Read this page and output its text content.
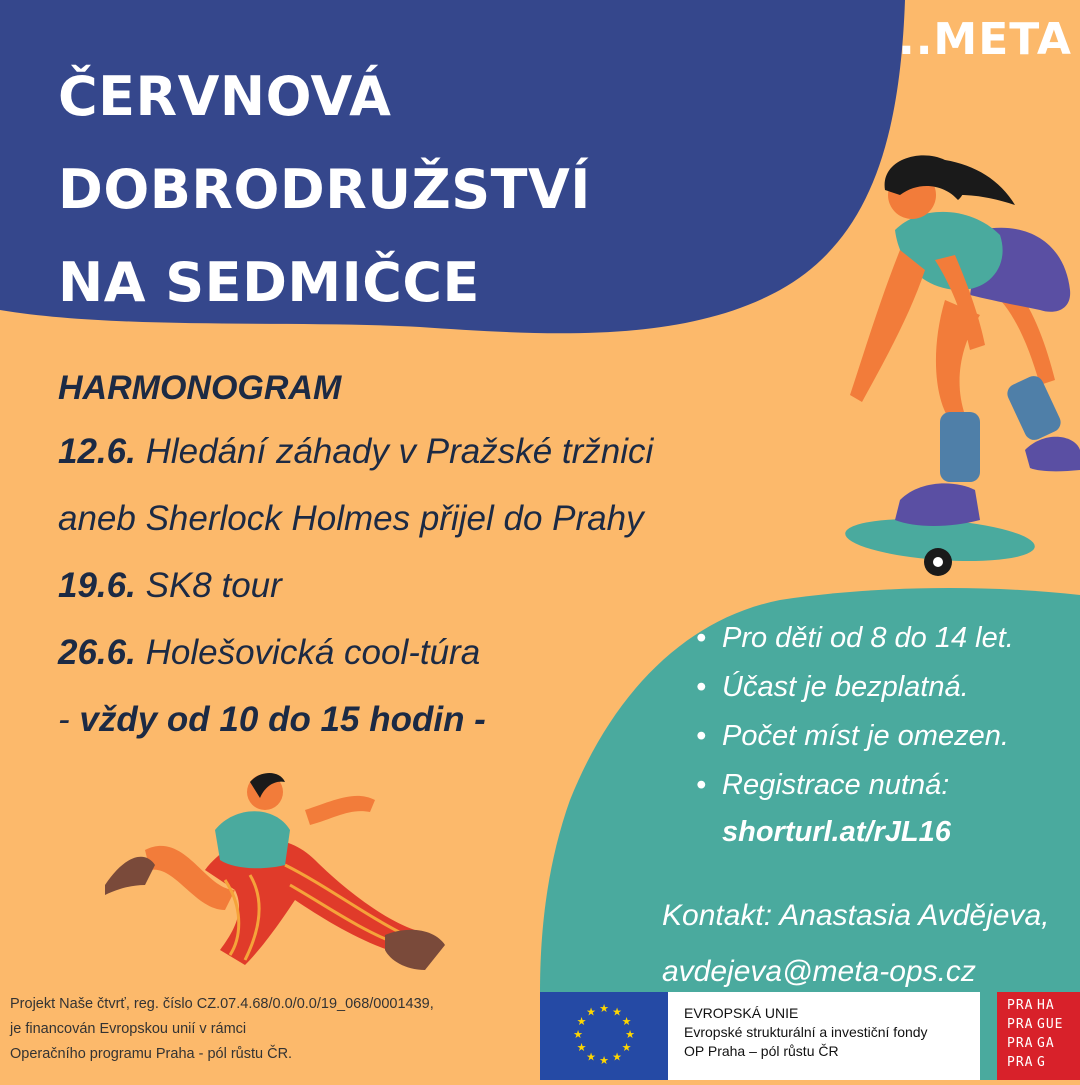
..META
ČERVNOVÁ
DOBRODRUŽSTVÍ
NA SEDMIČCE
HARMONOGRAM
12.6. Hledání záhady v Pražské tržnici
aneb Sherlock Holmes přijel do Prahy
19.6. SK8 tour
26.6. Holešovická cool-túra
- vždy od 10 do 15 hodin -
• Pro děti od 8 do 14 let.
• Účast je bezplatná.
• Počet míst je omezen.
• Registrace nutná:
shorturl.at/rJL16
Kontakt: Anastasia Avdějeva,
avdejeva@meta-ops.cz
Projekt Naše čtvrť, reg. číslo CZ.07.4.68/0.0/0.0/19_068/0001439,
je financován Evropskou unií v rámci
Operačního programu Praha - pól růstu ČR.
★ ★
★
★
★
★
★
★
★
★
★
★	EVROPSKÁ UNIE
Evropské strukturální a investiční fondy
OP Praha – pól růstu ČR
PRA HA
PRA GUE
PRA GA
PRA G
